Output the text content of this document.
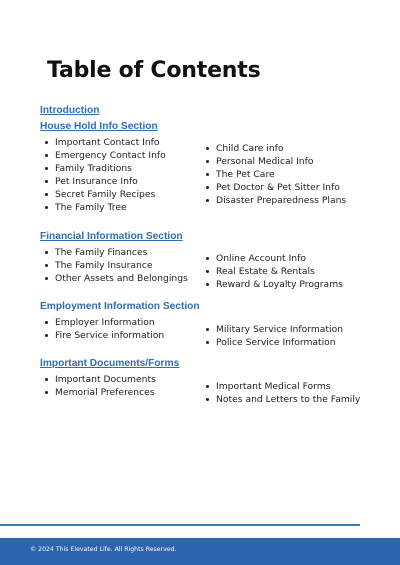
Table of Contents
Introduction
House Hold Info Section
Important Contact Info
Emergency Contact Info
Family Traditions
Pet Insurance Info
Secret Family Recipes
The Family Tree
Child Care info
Personal Medical Info
The Pet Care
Pet Doctor & Pet Sitter Info
Disaster Preparedness Plans
Financial Information Section
The Family Finances
The Family Insurance
Other Assets and Belongings
Online Account Info
Real Estate & Rentals
Reward & Loyalty Programs
Employment Information Section
Employer Information
Fire Service information
Military Service Information
Police Service Information
Important Documents/Forms
Important Documents
Memorial Preferences
Important Medical Forms
Notes and Letters to the Family
© 2024 This Elevated Life. All Rights Reserved.
